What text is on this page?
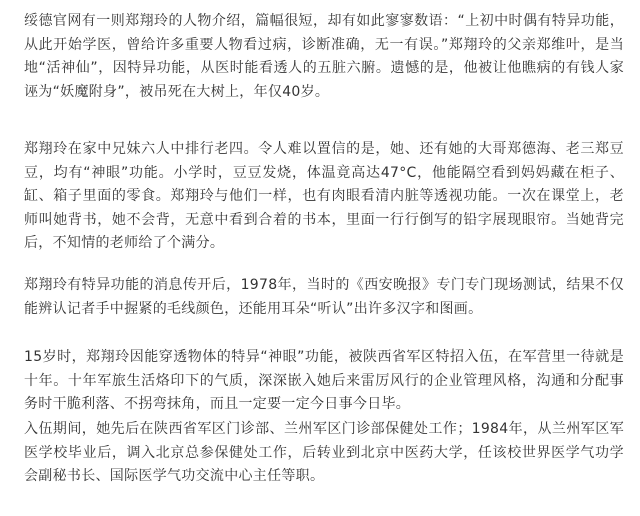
绥德官网有一则郑翔玲的人物介绍，篇幅很短，却有如此寥寥数语：“上初中时偶有特异功能，从此开始学医，曾给许多重要人物看过病，诊断准确，无一有误。”郑翔玲的父亲郑维叶，是当地“活神仙”，因特异功能，从医时能看透人的五脏六腑。遗憾的是，他被让他瞧病的有钱人家诬为“妖魔附身”，被吊死在大树上，年仅40岁。

郑翔玲在家中兄妹六人中排行老四。令人难以置信的是，她、还有她的大哥郑德海、老三郑豆豆，均有“神眼”功能。小学时，豆豆发烧，体温竟高达47°C，他能隔空看到妈妈藏在柜子、缸、箱子里面的零食。郑翔玲与他们一样，也有肉眼看清内脏等透视功能。一次在课堂上，老师叫她背书，她不会背，无意中看到合着的书本，里面一行行倒写的铅字展现眼帘。当她背完后，不知情的老师给了个满分。

郑翔玲有特异功能的消息传开后，1978年，当时的《西安晚报》专门专门现场测试，结果不仅能辨认记者手中握紧的毛线颜色，还能用耳朵“听认”出许多汉字和图画。

15岁时，郑翔玲因能穿透物体的特异“神眼”功能，被陕西省军区特招入伍，在军营里一待就是十年。十年军旅生活烙印下的气质，深深嵌入她后来雷厉风行的企业管理风格，沟通和分配事务时干脆利落、不拐弯抹角，而且一定要一定今日事今日毕。

入伍期间，她先后在陕西省军区门诊部、兰州军区门诊部保健处工作；1984年，从兰州军区军医学校毕业后，调入北京总参保健处工作，后转业到北京中医药大学，任该校世界医学气功学会副秘书长、国际医学气功交流中心主任等职。
